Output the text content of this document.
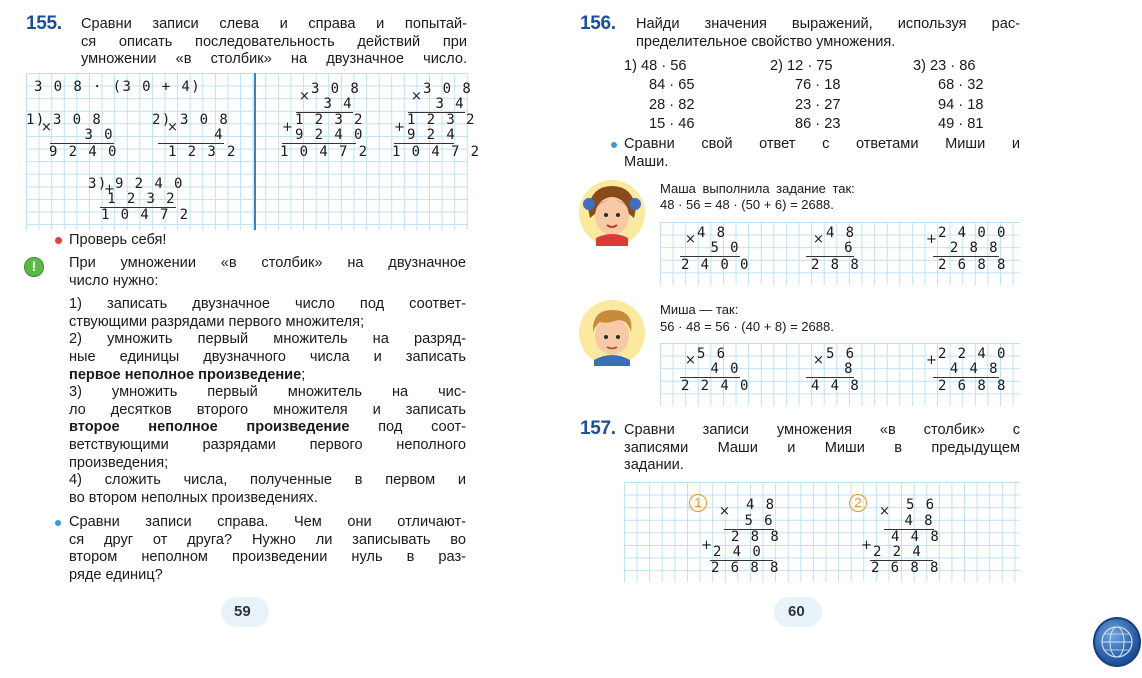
155. Сравни записи слева и справа и попытай-
ся описать последовательность действий при
умножении «в столбик» на двузначное число.
3 0 8 · (3 0 + 4)
1)
× 3 0 8
3 0
9 2 4 0
2)
× 3 0 8
4
1 2 3 2
3)
+ 9 2 4 0
1 2 3 2
1 0 4 7 2
× 3 0 8
3 4
+ 1 2 3 2
9 2 4 0
1 0 4 7 2
× 3 0 8
3 4
+ 1 2 3 2
9 2 4
1 0 4 7 2
Проверь себя!
!	При умножении «в столбик» на двузначное
число нужно:
1) записать двузначное число под соответ-
ствующими разрядами первого множителя;
2) умножить первый множитель на разряд-
ные единицы двузначного числа и записать
первое неполное произведение;
3) умножить первый множитель на чис-
ло десятков второго множителя и записать
второе неполное произведение под соот-
ветствующими разрядами первого неполного
произведения;
4) сложить числа, полученные в первом и
во втором неполных произведениях.
Сравни записи справа. Чем они отличают-
ся друг от друга? Нужно ли записывать во
втором неполном произведении нуль в раз-
ряде единиц?
59
156. Найди значения выражений, используя рас-
пределительное свойство умножения.
1) 48 · 56
84 · 65
28 · 82
15 · 46
2) 12 · 75
76 · 18
23 · 27
86 · 23
3) 23 · 86
68 · 32
94 · 18
49 · 81
Сравни свой ответ с ответами Миши и
Маши.
Маша выполнила задание так:
48 · 56 = 48 · (50 + 6) = 2688.
× 4 8
5 0
2 4 0 0
× 4 8
6
2 8 8
+ 2 4 0 0
2 8 8
2 6 8 8
Миша — так:
56 · 48 = 56 · (40 + 8) = 2688.
× 5 6
4 0
2 2 4 0
× 5 6
8
4 4 8
+ 2 2 4 0
4 4 8
2 6 8 8
157. Сравни записи умножения «в столбик» с
записями Маши и Миши в предыдущем
задании.
1
× 4 8
5 6
2 8 8
+ 2 4 0
2 6 8 8
2
× 5 6
4 8
4 4 8
+ 2 2 4
2 6 8 8
60
